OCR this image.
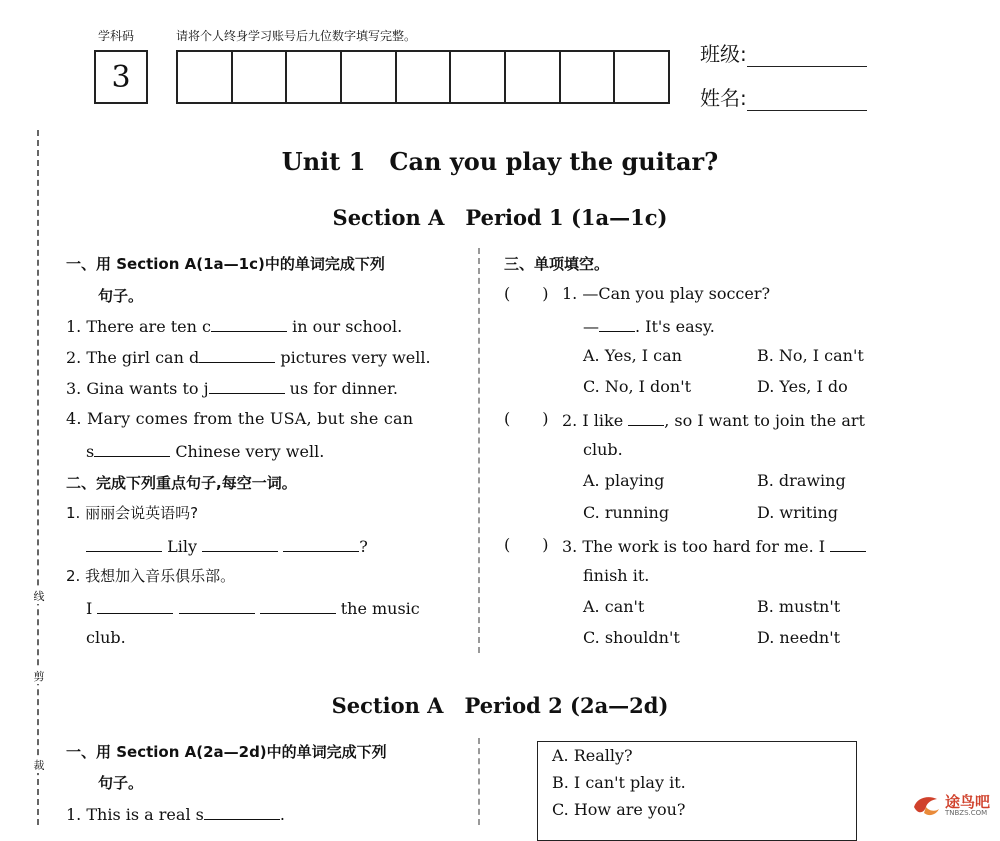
学科码	请将个人终身学习账号后九位数字填写完整。
3
班级:
姓名:
线
剪
裁
Unit 1　Can you play the guitar?
Section A　Period 1 (1a—1c)
一、用 Section A(1a—1c)中的单词完成下列
句子。
1. There are ten c	in our school.
2. The girl can d	pictures very well.
3. Gina wants to j	us for dinner.
4. Mary comes from the USA, but she can
s	Chinese very well.
二、完成下列重点句子,每空一词。
1. 丽丽会说英语吗?
Lily	?
2. 我想加入音乐俱乐部。
I	the music
club.
三、单项填空。
(　　) 1. —Can you play soccer?
— . It's easy.
A. Yes, I can	B. No, I can't
C. No, I don't	D. Yes, I do
(　　) 2. I like	, so I want to join the art
club.
A. playing	B. drawing
C. running	D. writing
(　　) 3. The work is too hard for me. I
finish it.
A. can't	B. mustn't
C. shouldn't	D. needn't
Section A　Period 2 (2a—2d)
一、用 Section A(2a—2d)中的单词完成下列
句子。
1. This is a real s	.
A. Really?
B. I can't play it.
C. How are you?	途鸟吧
TNBZS.COM
